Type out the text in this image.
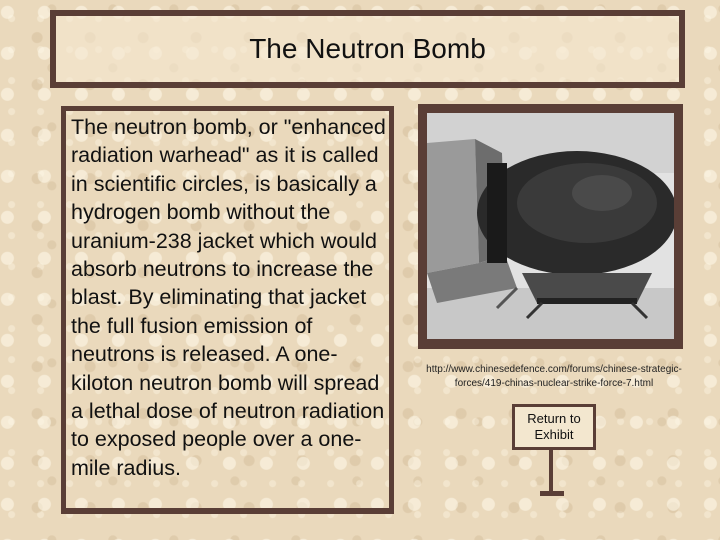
The Neutron Bomb
The neutron bomb, or "enhanced radiation warhead" as it is called in scientific circles, is basically a hydrogen bomb without the uranium-238 jacket which would absorb neutrons to increase the blast. By eliminating that jacket the full fusion emission of neutrons is released. A one-kiloton neutron bomb will spread a lethal dose of neutron radiation to exposed people over a one-mile radius.
http://www.chinesedefence.com/forums/chinese-strategic-forces/419-chinas-nuclear-strike-force-7.html
Return to Exhibit
